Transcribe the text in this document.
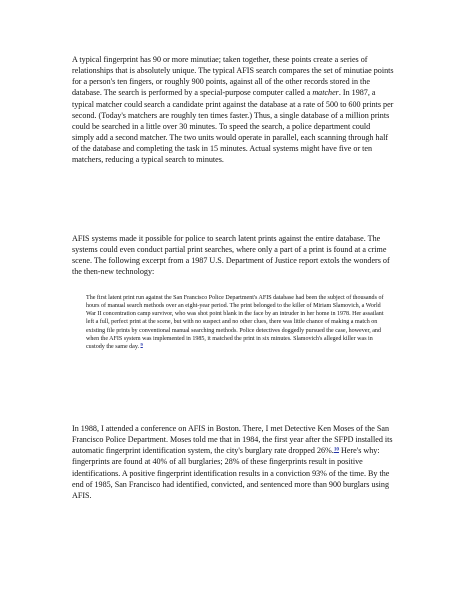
A typical fingerprint has 90 or more minutiae; taken together, these points create a series of relationships that is absolutely unique. The typical AFIS search compares the set of minutiae points for a person's ten fingers, or roughly 900 points, against all of the other records stored in the database. The search is performed by a special-purpose computer called a matcher. In 1987, a typical matcher could search a candidate print against the database at a rate of 500 to 600 prints per second. (Today's matchers are roughly ten times faster.) Thus, a single database of a million prints could be searched in a little over 30 minutes. To speed the search, a police department could simply add a second matcher. The two units would operate in parallel, each scanning through half of the database and completing the task in 15 minutes. Actual systems might have five or ten matchers, reducing a typical search to minutes.

AFIS systems made it possible for police to search latent prints against the entire database. The systems could even conduct partial print searches, where only a part of a print is found at a crime scene. The following excerpt from a 1987 U.S. Department of Justice report extols the wonders of the then-new technology:

The first latent print run against the San Francisco Police Department's AFIS database had been the subject of thousands of hours of manual search methods over an eight-year period. The print belonged to the killer of Miriam Slamovich, a World War II concentration camp survivor, who was shot point blank in the face by an intruder in her home in 1978. Her assailant left a full, perfect print at the scene, but with no suspect and no other clues, there was little chance of making a match on existing file prints by conventional manual searching methods. Police detectives doggedly pursued the case, however, and when the AFIS system was implemented in 1985, it matched the print in six minutes. Slamovich's alleged killer was in custody the same day. $^9$

In 1988, I attended a conference on AFIS in Boston. There, I met Detective Ken Moses of the San Francisco Police Department. Moses told me that in 1984, the first year after the SFPD installed its automatic fingerprint identification system, the city's burglary rate dropped 26%.$^{10}$ Here's why: fingerprints are found at 40% of all burglaries; 28% of these fingerprints result in positive identifications. A positive fingerprint identification results in a conviction 93% of the time. By the end of 1985, San Francisco had identified, convicted, and sentenced more than 900 burglars using AFIS.
